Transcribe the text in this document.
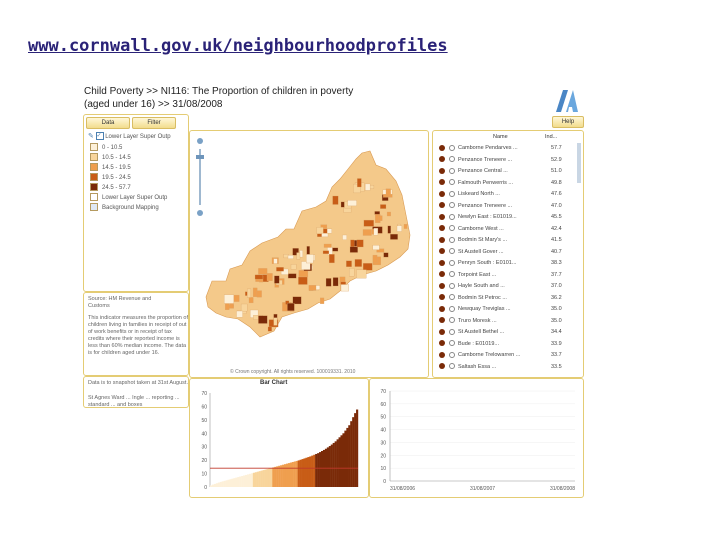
www.cornwall.gov.uk/neighbourhoodprofiles
Child Poverty >> NI116: The Proportion of children in poverty
(aged under 16) >> 31/08/2008
Data	Filter
✎ ✓ Lower Layer Super Outp
0 - 10.5
10.5 - 14.5
14.5 - 19.5
19.5 - 24.5
24.5 - 57.7
Lower Layer Super Outp
Background Mapping
Source: HM Revenue and
Customs
This indicator measures the proportion of children living in families in receipt of out of work benefits or in receipt of tax credits where their reported income is less than 60% median income. The data is for children aged under 16.
Data is to snapshot taken at 31st August.
St Agnes Ward ... Ingle ... reporting ... standard ... and boxes
© Crown copyright. All rights reserved. 100019331. 2010
Help
Name	Ind...
Camborne Pendarves ...	57.7
Penzance Treneere ...	52.9
Penzance Central ...	51.0
Falmouth Penwerris ...	49.8
Liskeard North ...	47.6
Penzance Treneere ...	47.0
Newlyn East : E01019...	45.5
Camborne West ...	42.4
Bodmin St Mary's ...	41.5
St Austell Gover ...	40.7
Penryn South : E0101...	38.3
Torpoint East ...	37.7
Hayle South and ...	37.0
Bodmin St Petroc ...	36.2
Newquay Treviglas ...	35.0
Truro Moresk ...	35.0
St Austell Bethel ...	34.4
Bude : E01019...	33.9
Camborne Trelowarren ...	33.7
Saltash Essa ...	33.5
Bar Chart
0
10
20
30
40
50
60
70
0
10
20
30
40
50
60
70
31/08/2006	31/08/2007	31/08/2008
